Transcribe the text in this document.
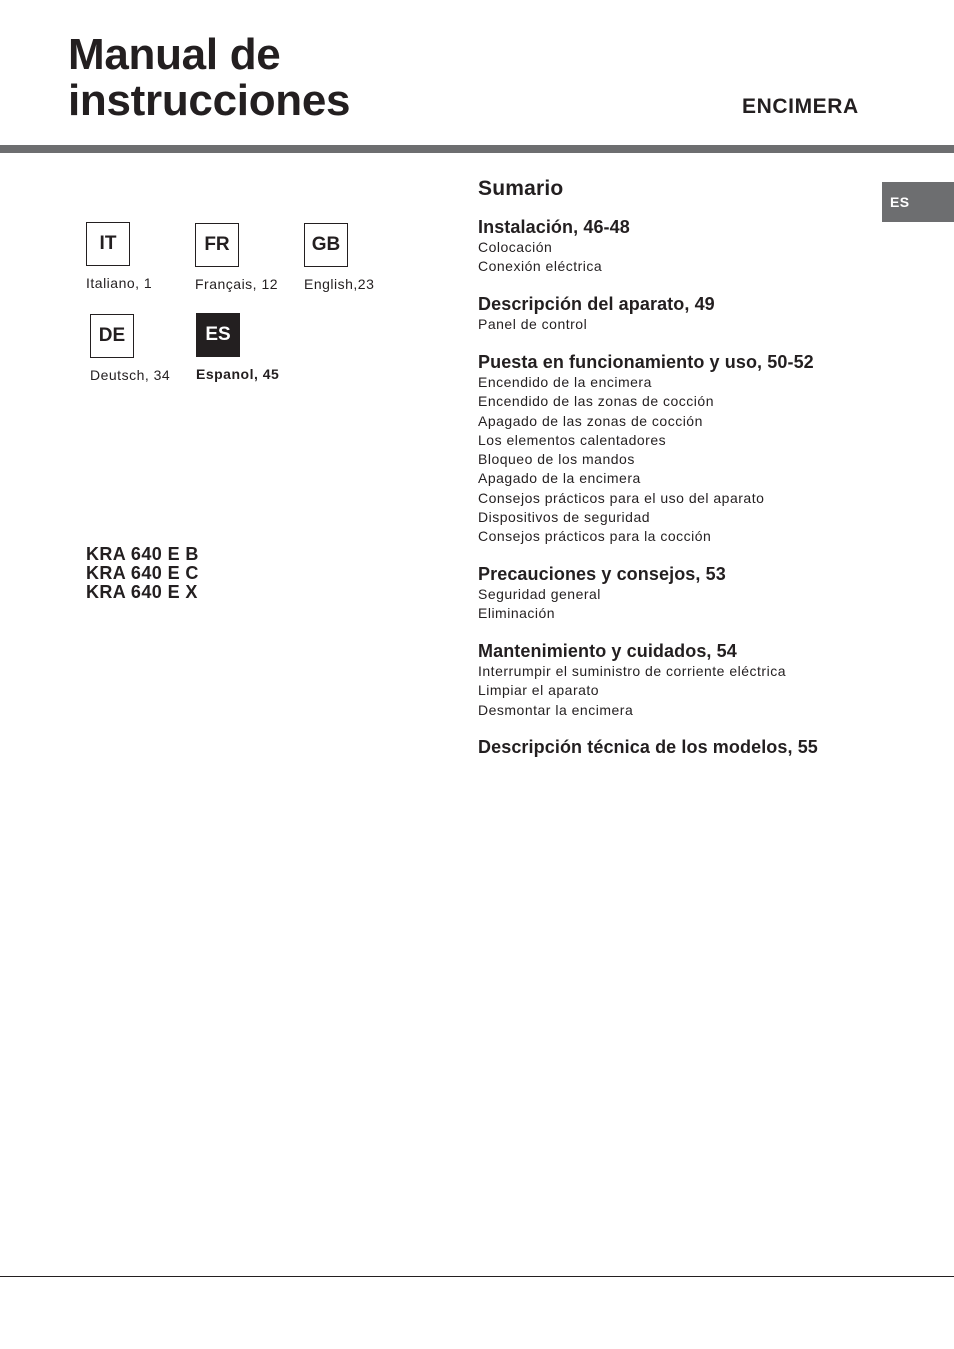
Manual de
instrucciones	ENCIMERA
ES
IT
Italiano, 1
FR
Français, 12
GB
English,23
DE
Deutsch, 34
ES
Espanol, 45
KRA 640 E B
KRA 640 E C
KRA 640 E X
Sumario
Instalación, 46-48
Colocación
Conexión eléctrica
Descripción del aparato, 49
Panel de control
Puesta en funcionamiento y uso, 50-52
Encendido de la encimera
Encendido de las zonas de cocción
Apagado de las zonas de cocción
Los elementos calentadores
Bloqueo de los mandos
Apagado de la encimera
Consejos prácticos para el uso del aparato
Dispositivos de seguridad
Consejos prácticos para la cocción
Precauciones y consejos, 53
Seguridad general
Eliminación
Mantenimiento y cuidados, 54
Interrumpir el suministro de corriente eléctrica
Limpiar el aparato
Desmontar la encimera
Descripción técnica de los modelos, 55
